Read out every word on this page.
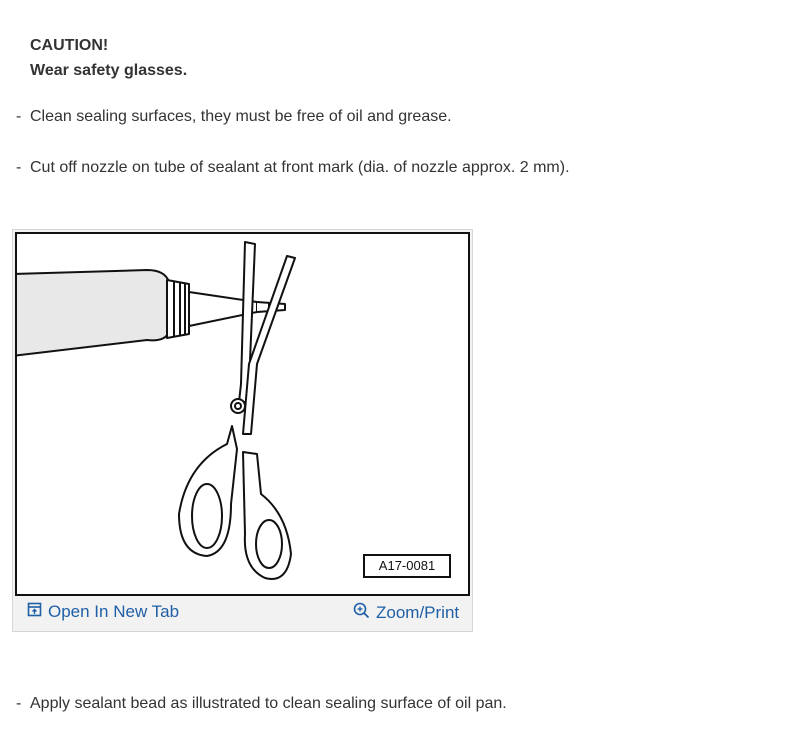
CAUTION!
Wear safety glasses.
- Clean sealing surfaces, they must be free of oil and grease.
- Cut off nozzle on tube of sealant at front mark (dia. of nozzle approx. 2 mm).
A17-0081
Open In New Tab	Zoom/Print
- Apply sealant bead as illustrated to clean sealing surface of oil pan.
